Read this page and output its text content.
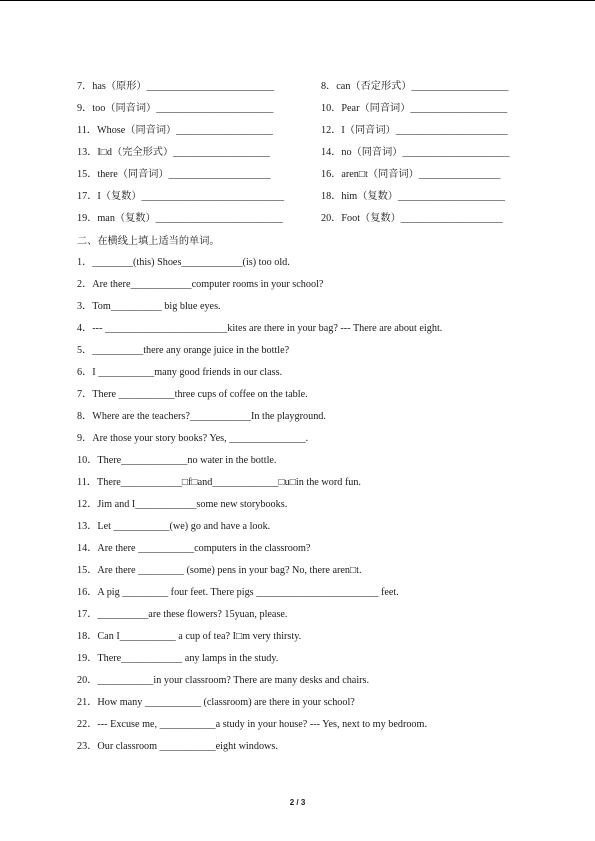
7．has（原形）_________________________	8．can（否定形式）___________________
9．too（同音词）_______________________	10．Pear（同音词）___________________
11．Whose（同音词）___________________	12．I（同音词）______________________
13．I□d（完全形式）___________________	14．no（同音词）_____________________
15．there（同音词）____________________	16．aren□t（同音词）________________
17．I（复数）____________________________	18．him（复数）_____________________
19．man（复数）_________________________	20．Foot（复数）____________________
二、在横线上填上适当的单词。
1．________(this) Shoes____________(is) too old.
2．Are there____________computer rooms in your school?
3．Tom__________ big blue eyes.
4．--- ________________________kites are there in your bag? --- There are about eight.
5．__________there any orange juice in the bottle?
6．I ___________many good friends in our class.
7．There ___________three cups of coffee on the table.
8．Where are the teachers?____________In the playground.
9．Are those your story books? Yes, _______________.
10．There_____________no water in the bottle.
11．There____________□f□and_____________□u□in the word fun.
12．Jim and I____________some new storybooks.
13．Let ___________(we) go and have a look.
14．Are there ___________computers in the classroom?
15．Are there _________ (some) pens in your bag? No, there aren□t.
16．A pig _________ four feet. There pigs ________________________ feet.
17．__________are these flowers? 15yuan, please.
18．Can I___________ a cup of tea? I□m very thirsty.
19．There____________ any lamps in the study.
20．___________in your classroom? There are many desks and chairs.
21．How many ___________ (classroom) are there in your school?
22．--- Excuse me, ___________a study in your house? --- Yes, next to my bedroom.
23．Our classroom ___________eight windows.
2 / 3
